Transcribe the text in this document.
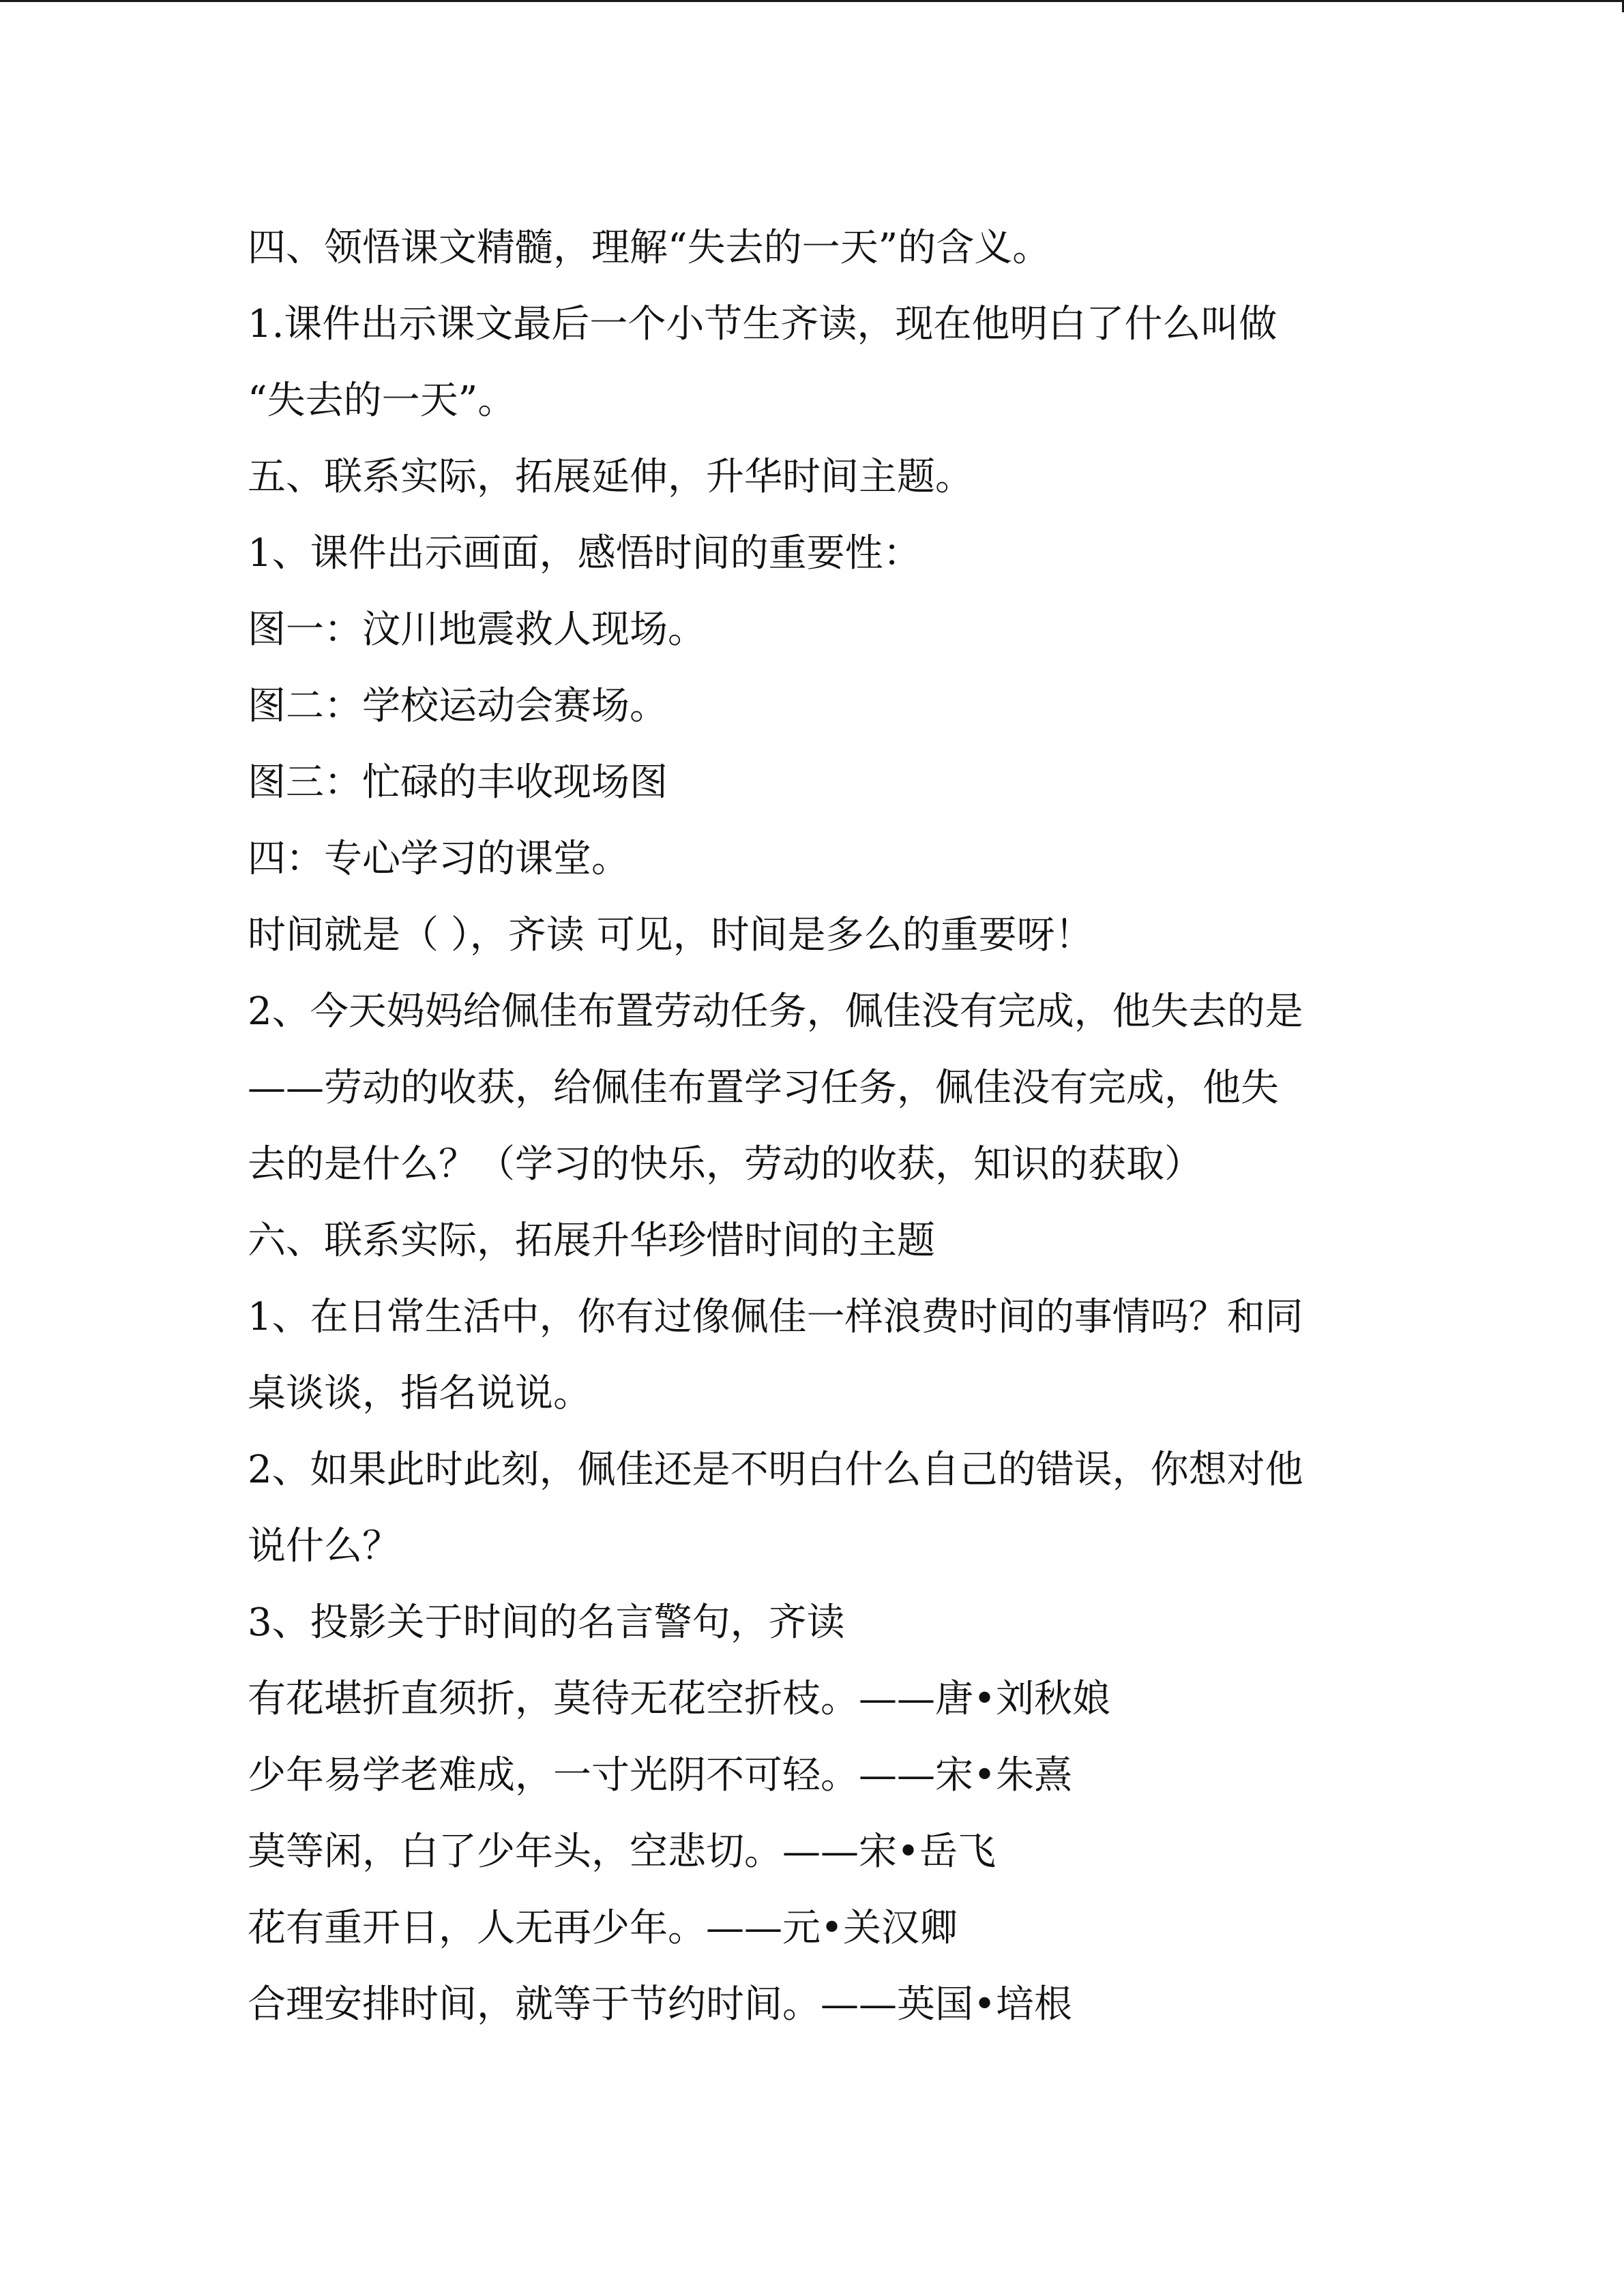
四、领悟课文精髓，理解“失去的一天”的含义。
1.课件出示课文最后一个小节生齐读，现在他明白了什么叫做
“失去的一天”。
五、联系实际，拓展延伸，升华时间主题。
1、课件出示画面，感悟时间的重要性：
图一：汶川地震救人现场。
图二：学校运动会赛场。
图三：忙碌的丰收现场图
四：专心学习的课堂。
时间就是（ ），齐读 可见，时间是多么的重要呀！
2、今天妈妈给佩佳布置劳动任务，佩佳没有完成，他失去的是
——劳动的收获，给佩佳布置学习任务，佩佳没有完成，他失
去的是什么？（学习的快乐，劳动的收获，知识的获取）
六、联系实际，拓展升华珍惜时间的主题
1、在日常生活中，你有过像佩佳一样浪费时间的事情吗？和同
桌谈谈，指名说说。
2、如果此时此刻，佩佳还是不明白什么自己的错误，你想对他
说什么？
3、投影关于时间的名言警句，齐读
有花堪折直须折，莫待无花空折枝。——唐•刘秋娘
少年易学老难成，一寸光阴不可轻。——宋•朱熹
莫等闲，白了少年头，空悲切。——宋•岳飞
花有重开日，人无再少年。——元•关汉卿
合理安排时间，就等于节约时间。——英国•培根
